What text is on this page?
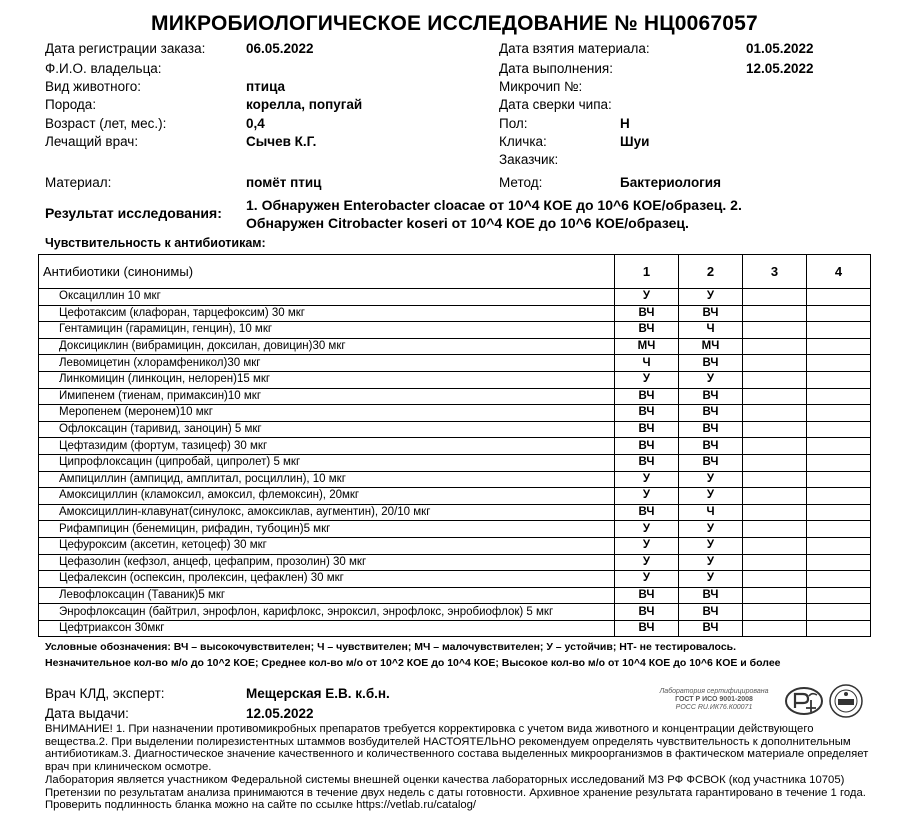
МИКРОБИОЛОГИЧЕСКОЕ ИССЛЕДОВАНИЕ № НЦ0067057
Дата регистрации заказа:	06.05.2022
Ф.И.О. владельца:
Вид животного:	птица
Порода:	корелла, попугай
Возраст (лет, мес.):	0,4
Лечащий врач:	Сычев К.Г.
Дата взятия материала:	01.05.2022
Дата выполнения:	12.05.2022
Микрочип №:
Дата сверки чипа:
Пол:	Н
Кличка:	Шуи
Заказчик:
Материал:	помёт птиц	Метод:	Бактериология
Результат исследования: 1. Обнаружен Enterobacter cloacae от 10^4 КОЕ до 10^6 КОЕ/образец. 2. Обнаружен Citrobacter koseri от 10^4 КОЕ до 10^6 КОЕ/образец.
Чувствительность к антибиотикам:
Антибиотики (синонимы)	1	2	3	4
Оксациллин 10 мкг	У	У		
Цефотаксим (клафоран, тарцефоксим) 30 мкг	ВЧ	ВЧ		
Гентамицин (гарамицин, генцин), 10 мкг	ВЧ	Ч		
Доксициклин (вибрамицин, доксилан, довицин)30 мкг	МЧ	МЧ		
Левомицетин (хлорамфеникол)30 мкг	Ч	ВЧ		
Линкомицин (линкоцин, нелорен)15 мкг	У	У		
Имипенем (тиенам, примаксин)10 мкг	ВЧ	ВЧ		
Меропенем (меронем)10 мкг	ВЧ	ВЧ		
Офлоксацин (таривид, заноцин) 5 мкг	ВЧ	ВЧ		
Цефтазидим (фортум, тазицеф) 30 мкг	ВЧ	ВЧ		
Ципрофлоксацин (ципробай, ципролет) 5 мкг	ВЧ	ВЧ		
Ампициллин (ампицид, амплитал, росциллин), 10 мкг	У	У		
Амоксициллин (кламоксил, амоксил, флемоксин), 20мкг	У	У		
Амоксициллин-клавунат(синулокс, амоксиклав, аугментин), 20/10 мкг	ВЧ	Ч		
Рифампицин (бенемицин, рифадин, тубоцин)5 мкг	У	У		
Цефуроксим (аксетин, кетоцеф) 30 мкг	У	У		
Цефазолин (кефзол, анцеф, цефаприм, прозолин) 30 мкг	У	У		
Цефалексин (оспексин, пролексин, цефаклен) 30 мкг	У	У		
Левофлоксацин (Таваник)5 мкг	ВЧ	ВЧ		
Энрофлоксацин (байтрил, энрофлон, карифлокс, энроксил, энрофлокс, энробиофлок) 5 мкг	ВЧ	ВЧ		
Цефтриаксон 30мкг	ВЧ	ВЧ		
Условные обозначения: ВЧ – высокочувствителен; Ч – чувствителен; МЧ – малочувствителен; У – устойчив; НТ- не тестировалось.
Незначительное кол-во м/о до 10^2 КОЕ; Среднее кол-во м/о от 10^2 КОЕ до 10^4 КОЕ; Высокое кол-во м/о от 10^4 КОЕ до 10^6 КОЕ и более
Врач КЛД, эксперт:	Мещерская Е.В. к.б.н.
Дата выдачи:	12.05.2022
Лаборатория сертифицирована
ГОСТ Р ИСО 9001-2008
РОСС RU.ИК76.К00071

ВНИМАНИЕ! 1. При назначении противомикробных препаратов требуется корректировка с учетом вида животного и концентрации действующего вещества.2. При выделении полирезистентных штаммов возбудителей НАСТОЯТЕЛЬНО рекомендуем определять чувствительность к дополнительным антибиотикам.3. Диагностическое значение качественного и количественного состава выделенных микроорганизмов в фактическом материале определяет врач при клиническом осмотре.

Лаборатория является участником Федеральной системы внешней оценки качества лабораторных исследований МЗ РФ ФСВОК (код участника 10705)

Претензии по результатам анализа принимаются в течение двух недель с даты готовности. Архивное хранение результата гарантировано в течение 1 года.

Проверить подлинность бланка можно на сайте по ссылке https://vetlab.ru/catalog/
